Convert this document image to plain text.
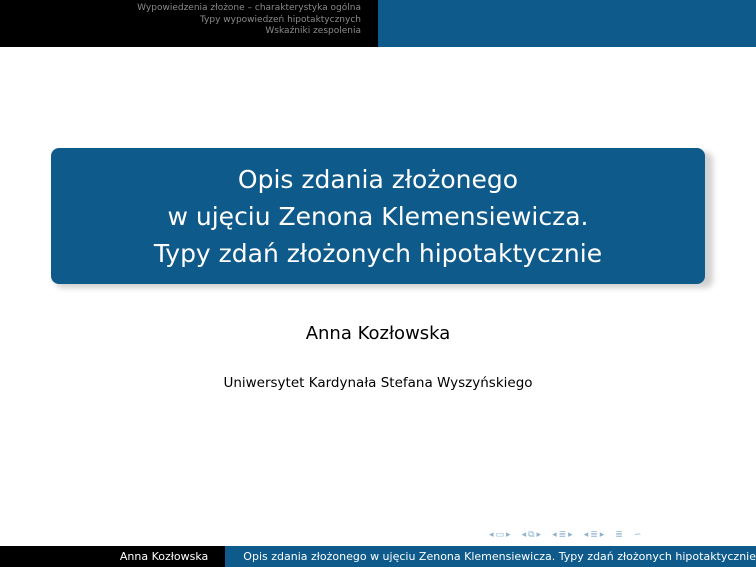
Wypowiedzenia złożone – charakterystyka ogólna
Typy wypowiedzeń hipotaktycznych
Wskaźniki zespolenia
Opis zdania złożonego
w ujęciu Zenona Klemensiewicza.
Typy zdań złożonych hipotaktycznie
Anna Kozłowska
Uniwersytet Kardynała Stefana Wyszyńskiego
◂ ▭ ▸ ◂ ⧉ ▸ ◂ ≣ ▸ ◂ ≣ ▸ ≣ ∽
Anna Kozłowska	Opis zdania złożonego w ujęciu Zenona Klemensiewicza. Typy zdań złożonych hipotaktycznie
